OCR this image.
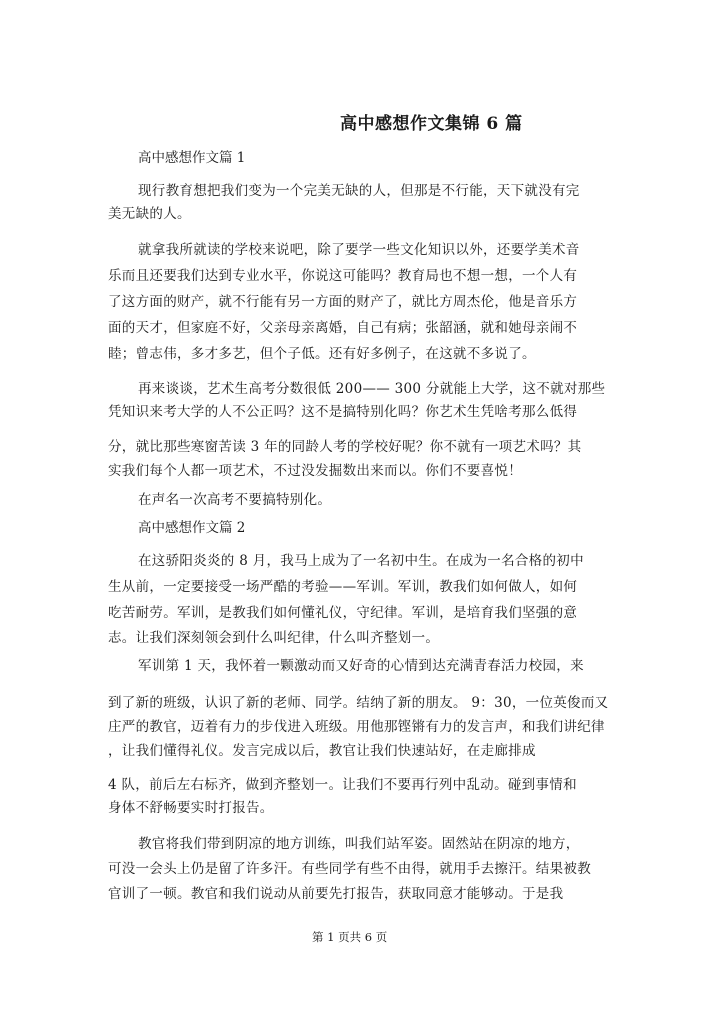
高中感想作文集锦 6 篇

高中感想作文篇 1

现行教育想把我们变为一个完美无缺的人，但那是不行能，天下就没有完

美无缺的人。

就拿我所就读的学校来说吧，除了要学一些文化知识以外，还要学美术音

乐而且还要我们达到专业水平，你说这可能吗？教育局也不想一想，一个人有

了这方面的财产，就不行能有另一方面的财产了，就比方周杰伦，他是音乐方

面的天才，但家庭不好，父亲母亲离婚，自己有病；张韶涵，就和她母亲闹不

睦；曾志伟，多才多艺，但个子低。还有好多例子，在这就不多说了。

再来谈谈，艺术生高考分数很低 200—— 300 分就能上大学，这不就对那些

凭知识来考大学的人不公正吗？这不是搞特别化吗？你艺术生凭啥考那么低得

分，就比那些寒窗苦读 3 年的同龄人考的学校好呢？你不就有一项艺术吗？其

实我们每个人都一项艺术，不过没发掘数出来而以。你们不要喜悦！

在声名一次高考不要搞特别化。

高中感想作文篇 2

在这骄阳炎炎的 8 月，我马上成为了一名初中生。在成为一名合格的初中

生从前，一定要接受一场严酷的考验——军训。军训，教我们如何做人，如何

吃苦耐劳。军训，是教我们如何懂礼仪，守纪律。军训，是培育我们坚强的意

志。让我们深刻领会到什么叫纪律，什么叫齐整划一。

军训第 1 天，我怀着一颗激动而又好奇的心情到达充满青春活力校园，来

到了新的班级，认识了新的老师、同学。结纳了新的朋友。 9：30，一位英俊而又

庄严的教官，迈着有力的步伐进入班级。用他那铿锵有力的发言声，和我们讲纪律

，让我们懂得礼仪。发言完成以后，教官让我们快速站好，在走廊排成

4 队，前后左右标齐，做到齐整划一。让我们不要再行列中乱动。碰到事情和

身体不舒畅要实时打报告。

教官将我们带到阴凉的地方训练，叫我们站军姿。固然站在阴凉的地方，

可没一会头上仍是留了许多汗。有些同学有些不由得，就用手去擦汗。结果被教

官训了一顿。教官和我们说动从前要先打报告，获取同意才能够动。于是我

第 1 页共 6 页
